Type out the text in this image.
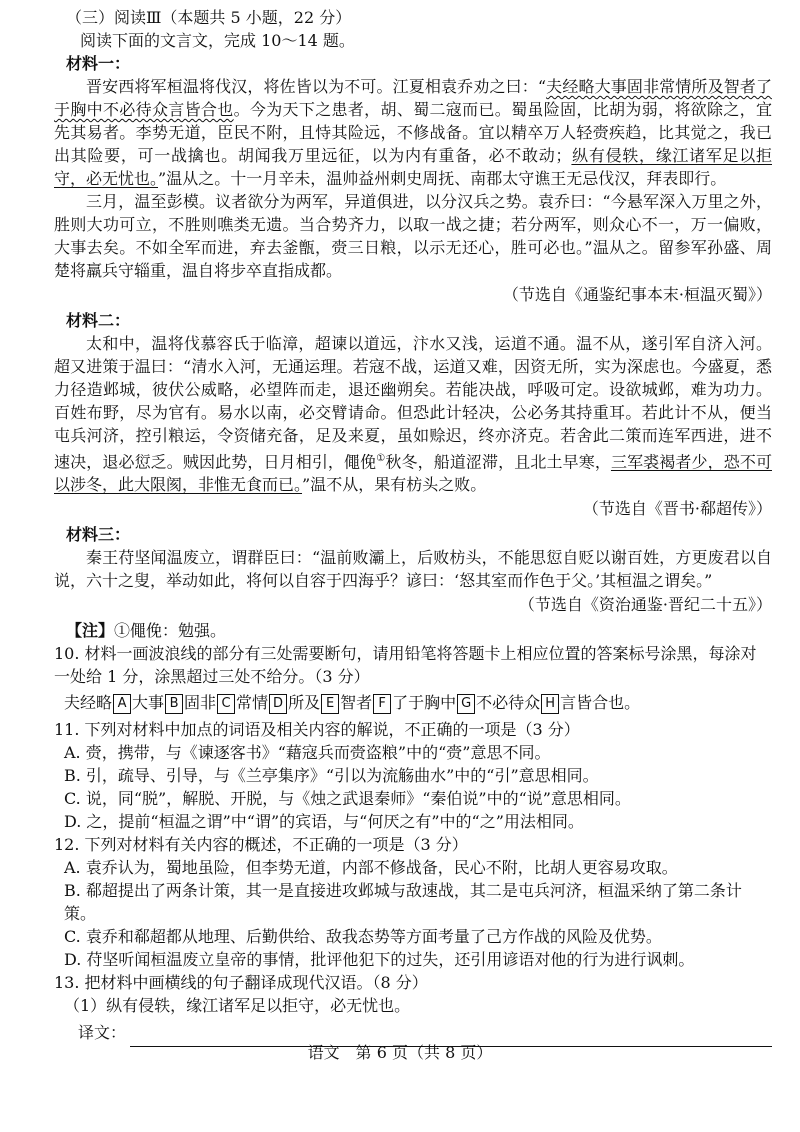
（三）阅读Ⅲ（本题共 5 小题，22 分）

阅读下面的文言文，完成 10～14 题。

材料一：

晋安西将军桓温将伐汉，将佐皆以为不可。江夏相袁乔劝之曰：“夫经略大事固非常情所及智者了于胸中不必待众言皆合也。今为天下之患者，胡、蜀二寇而已。蜀虽险固，比胡为弱，将欲除之，宜先其易者。李势无道，臣民不附，且恃其险远，不修战备。宜以精卒万人轻赍疾趋，比其觉之，我已出其险要，可一战擒也。胡闻我万里远征，以为内有重备，必不敢动；纵有侵轶，缘江诸军足以拒守，必无忧也。”温从之。十一月辛未，温帅益州刺史周抚、南郡太守谯王无忌伐汉，拜表即行。

三月，温至彭模。议者欲分为两军，异道俱进，以分汉兵之势。袁乔曰：“今悬军深入万里之外，胜则大功可立，不胜则噍类无遗。当合势齐力，以取一战之捷；若分两军，则众心不一，万一偏败，大事去矣。不如全军而进，弃去釜甑，赍三日粮，以示无还心，胜可必也。”温从之。留参军孙盛、周楚将羸兵守辎重，温自将步卒直指成都。

（节选自《通鉴纪事本末·桓温灭蜀》）

材料二：

太和中，温将伐慕容氏于临漳，超谏以道远，汴水又浅，运道不通。温不从，遂引军自济入河。超又进策于温曰：“清水入河，无通运理。若寇不战，运道又难，因资无所，实为深虑也。今盛夏，悉力径造邺城，彼伏公威略，必望阵而走，退还幽朔矣。若能决战，呼吸可定。设欲城邺，难为功力。百姓布野，尽为官有。易水以南，必交臂请命。但恐此计轻决，公必务其持重耳。若此计不从，便当屯兵河济，控引粮运，令资储充备，足及来夏，虽如赊迟，终亦济克。若舍此二策而连军西进，进不速决，退必愆乏。贼因此势，日月相引，僶俛①秋冬，船道涩滞，且北土早寒，三军裘褐者少，恐不可以涉冬，此大限阂，非惟无食而已。”温不从，果有枋头之败。

（节选自《晋书·郗超传》）

材料三：

秦王苻坚闻温废立，谓群臣曰：“温前败灞上，后败枋头，不能思愆自贬以谢百姓，方更废君以自说，六十之叟，举动如此，将何以自容于四海乎？谚曰：‘怒其室而作色于父。’其桓温之谓矣。”

（节选自《资治通鉴·晋纪二十五》）

【注】①僶俛：勉强。

10. 材料一画波浪线的部分有三处需要断句，请用铅笔将答题卡上相应位置的答案标号涂黑，每涂对一处给 1 分，涂黑超过三处不给分。（3 分）

夫经略 A 大事 B 固非 C 常情 D 所及 E 智者 F 了于胸中 G 不必待众 H 言皆合也。

11. 下列对材料中加点的词语及相关内容的解说，不正确的一项是（3 分）

A. 赍，携带，与《谏逐客书》“藉寇兵而赍盗粮”中的“赍”意思不同。

B. 引，疏导、引导，与《兰亭集序》“引以为流觞曲水”中的“引”意思相同。

C. 说，同“脱”，解脱、开脱，与《烛之武退秦师》“秦伯说”中的“说”意思相同。

D. 之，提前“桓温之谓”中“谓”的宾语，与“何厌之有”中的“之”用法相同。

12. 下列对材料有关内容的概述，不正确的一项是（3 分）

A. 袁乔认为，蜀地虽险，但李势无道，内部不修战备，民心不附，比胡人更容易攻取。

B. 郗超提出了两条计策，其一是直接进攻邺城与敌速战，其二是屯兵河济，桓温采纳了第二条计策。

C. 袁乔和郗超都从地理、后勤供给、敌我态势等方面考量了己方作战的风险及优势。

D. 苻坚听闻桓温废立皇帝的事情，批评他犯下的过失，还引用谚语对他的行为进行讽刺。

13. 把材料中画横线的句子翻译成现代汉语。（8 分）

（1）纵有侵轶，缘江诸军足以拒守，必无忧也。

译文：
语文　第 6 页（共 8 页）
